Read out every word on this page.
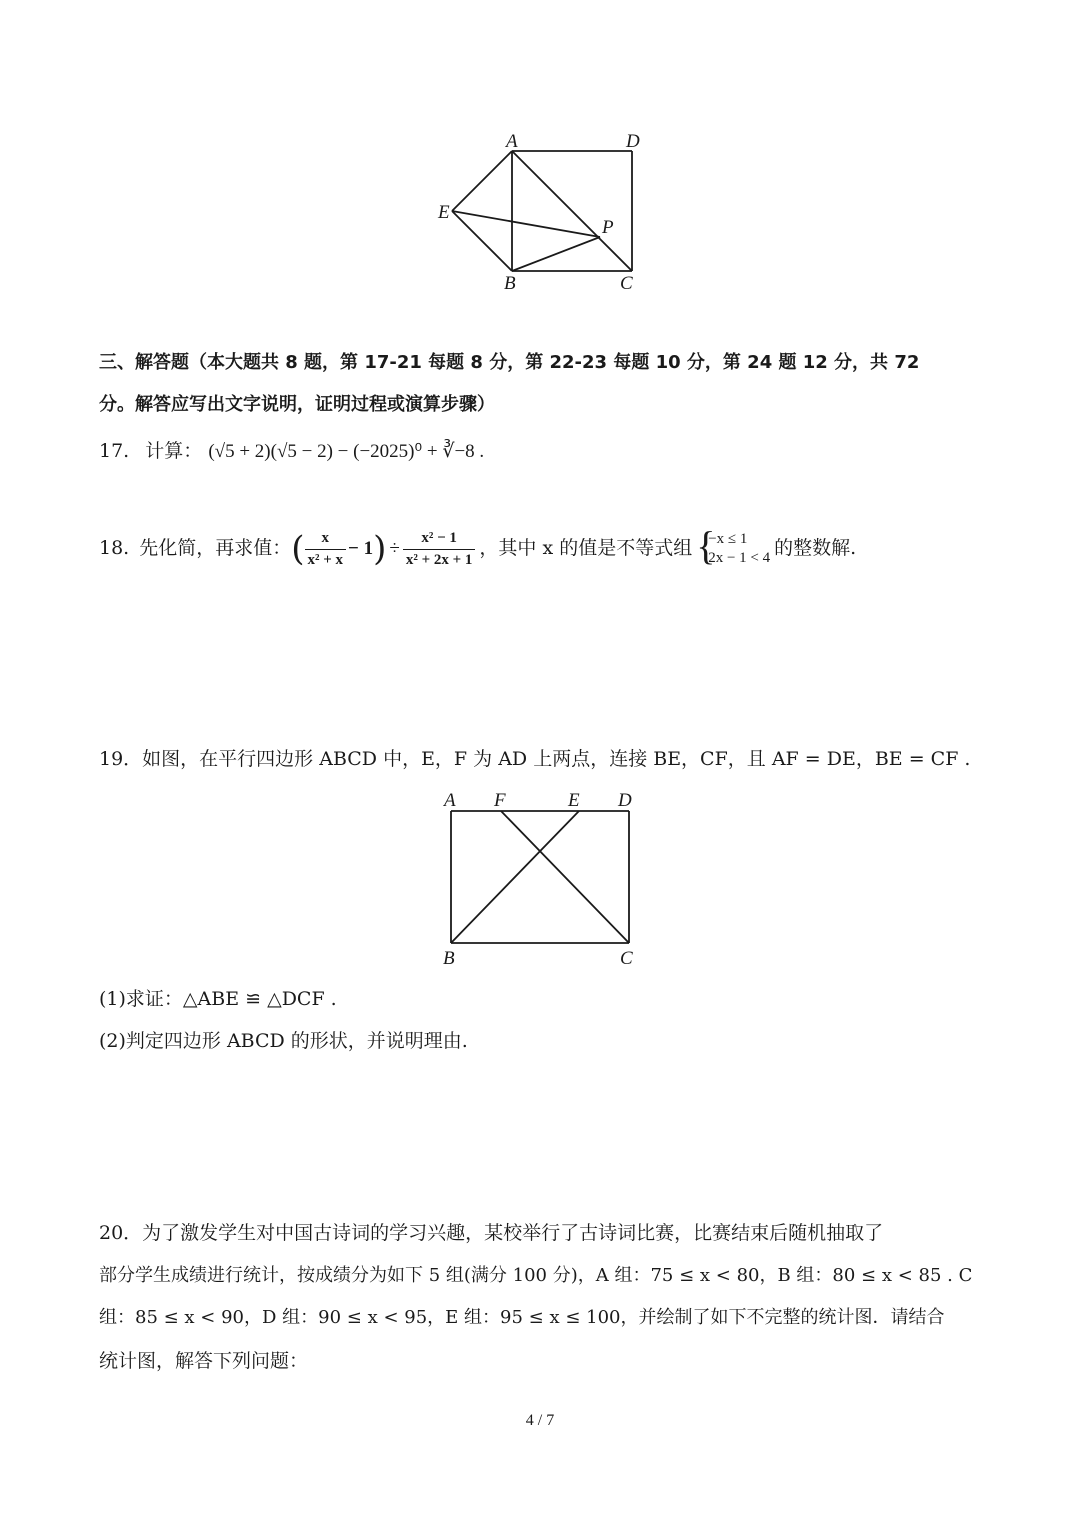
A	D
E
P
B	C
三、解答题（本大题共 8 题，第 17-21 每题 8 分，第 22-23 每题 10 分，第 24 题 12 分，共 72
分。解答应写出文字说明，证明过程或演算步骤）
17. 计算： (√5 + 2)(√5 − 2) − (−2025)⁰ + ∛−8 .
18. 先化简，再求值： ( $\frac{x}{\text{x² + x}} - 1$ ) ÷ $\frac{\text{x² − 1}}{\text{x² + 2x + 1}}$ ，其中 x 的值是不等式组 {
−x ≤ 1
2x − 1 < 4 的整数解.
19．如图，在平行四边形 ABCD 中，E，F 为 AD 上两点，连接 BE，CF，且 AF = DE，BE = CF .
A F	E D
B	C
(1)求证：△ABE ≌ △DCF .
(2)判定四边形 ABCD 的形状，并说明理由.
20．为了激发学生对中国古诗词的学习兴趣，某校举行了古诗词比赛，比赛结束后随机抽取了
部分学生成绩进行统计，按成绩分为如下 5 组(满分 100 分)，A 组：75 ≤ x < 80，B 组：80 ≤ x < 85 . C
组：85 ≤ x < 90，D 组：90 ≤ x < 95，E 组：95 ≤ x ≤ 100，并绘制了如下不完整的统计图．请结合
统计图，解答下列问题：
4 / 7
